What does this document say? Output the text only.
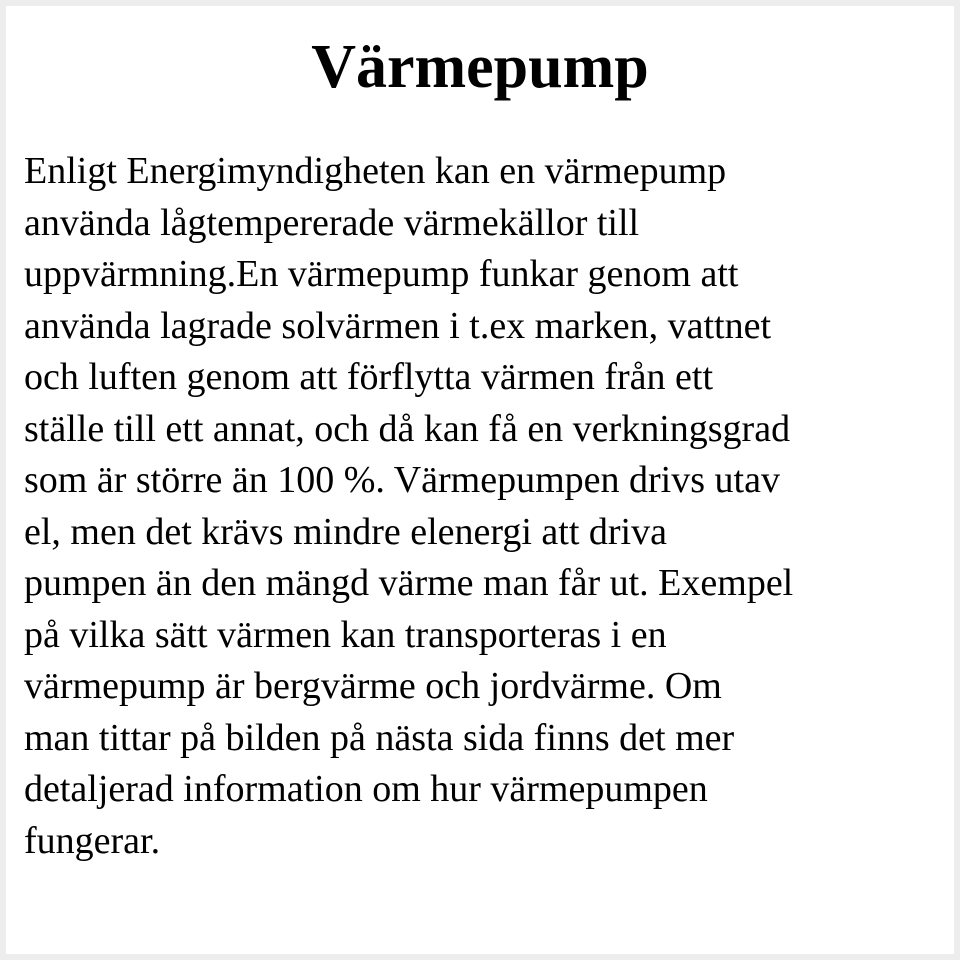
Värmepump
Enligt Energimyndigheten kan en värmepump
använda lågtempererade värmekällor till
uppvärmning.En värmepump funkar genom att
använda lagrade solvärmen i t.ex marken, vattnet
och luften genom att förflytta värmen från ett
ställe till ett annat, och då kan få en verkningsgrad
som är större än 100 %. Värmepumpen drivs utav
el, men det krävs mindre elenergi att driva
pumpen än den mängd värme man får ut. Exempel
på vilka sätt värmen kan transporteras i en
värmepump är bergvärme och jordvärme. Om
man tittar på bilden på nästa sida finns det mer
detaljerad information om hur värmepumpen
fungerar.
